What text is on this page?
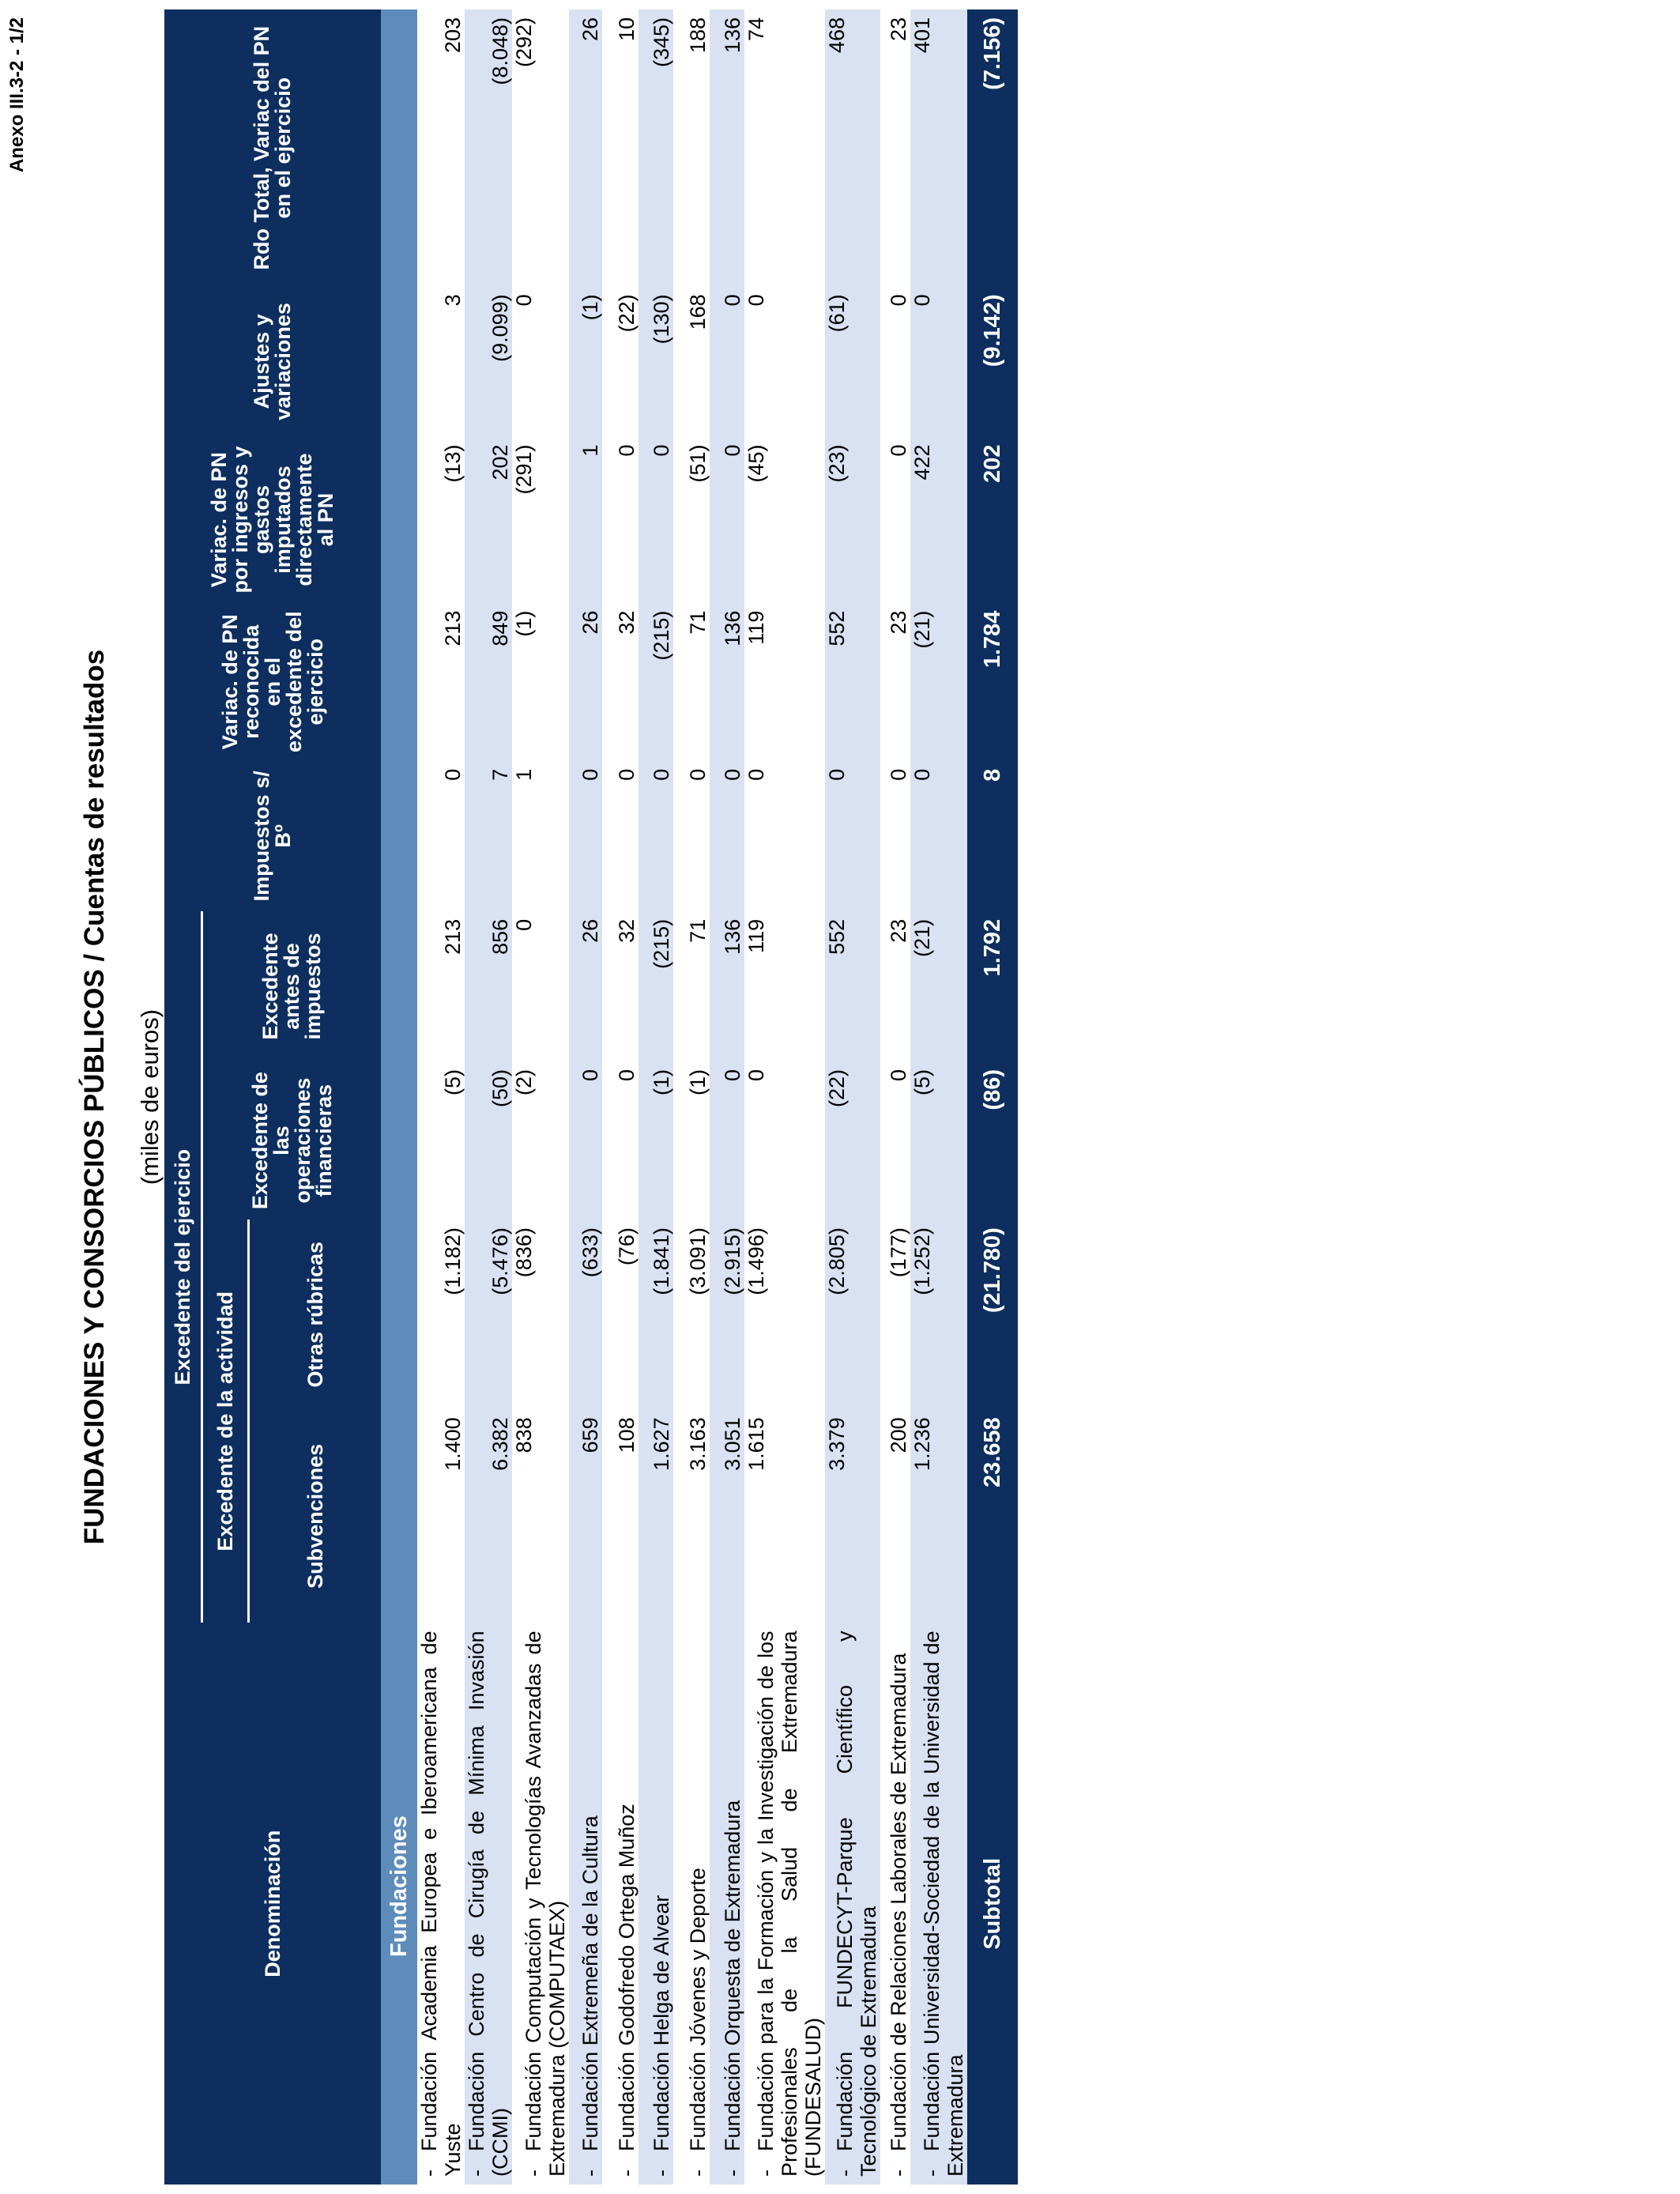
Anexo III.3-2 - 1/2
FUNDACIONES Y CONSORCIOS PÚBLICOS / Cuentas de resultados (miles de euros)
Denominación	Excedente del ejercicio				Impuestos s/ Bº	Variac. de PN reconocida en el excedente del ejercicio	Variac. de PN por ingresos y gastos imputados directamente al PN	Ajustes y variaciones	Rdo Total, Variac del PN en el ejercicio
	Excedente de la actividad		Excedente de las operaciones financieras	Excedente antes de impuestos					
	Subvenciones	Otras rúbricas							
Fundaciones									
-Fundación Academia Europea e Iberoamericana de Yuste	1.400	(1.182)	(5)	213	0	213	(13)	3	203
-Fundación Centro de Cirugía de Mínima Invasión (CCMI)	6.382	(5.476)	(50)	856	7	849	202	(9.099)	(8.048)
-Fundación Computación y Tecnologías Avanzadas de Extremadura (COMPUTAEX)	838	(836)	(2)	0	1	(1)	(291)	0	(292)
-Fundación Extremeña de la Cultura	659	(633)	0	26	0	26	1	(1)	26
-Fundación Godofredo Ortega Muñoz	108	(76)	0	32	0	32	0	(22)	10
-Fundación Helga de Alvear	1.627	(1.841)	(1)	(215)	0	(215)	0	(130)	(345)
-Fundación Jóvenes y Deporte	3.163	(3.091)	(1)	71	0	71	(51)	168	188
-Fundación Orquesta de Extremadura	3.051	(2.915)	0	136	0	136	0	0	136
-Fundación para la Formación y la Investigación de los Profesionales de la Salud de Extremadura (FUNDESALUD)	1.615	(1.496)	0	119	0	119	(45)	0	74
-Fundación FUNDECYT-Parque Científico y Tecnológico de Extremadura	3.379	(2.805)	(22)	552	0	552	(23)	(61)	468
-Fundación de Relaciones Laborales de Extremadura	200	(177)	0	23	0	23	0	0	23
-Fundación Universidad-Sociedad de la Universidad de Extremadura	1.236	(1.252)	(5)	(21)	0	(21)	422	0	401
Subtotal	23.658	(21.780)	(86)	1.792	8	1.784	202	(9.142)	(7.156)
